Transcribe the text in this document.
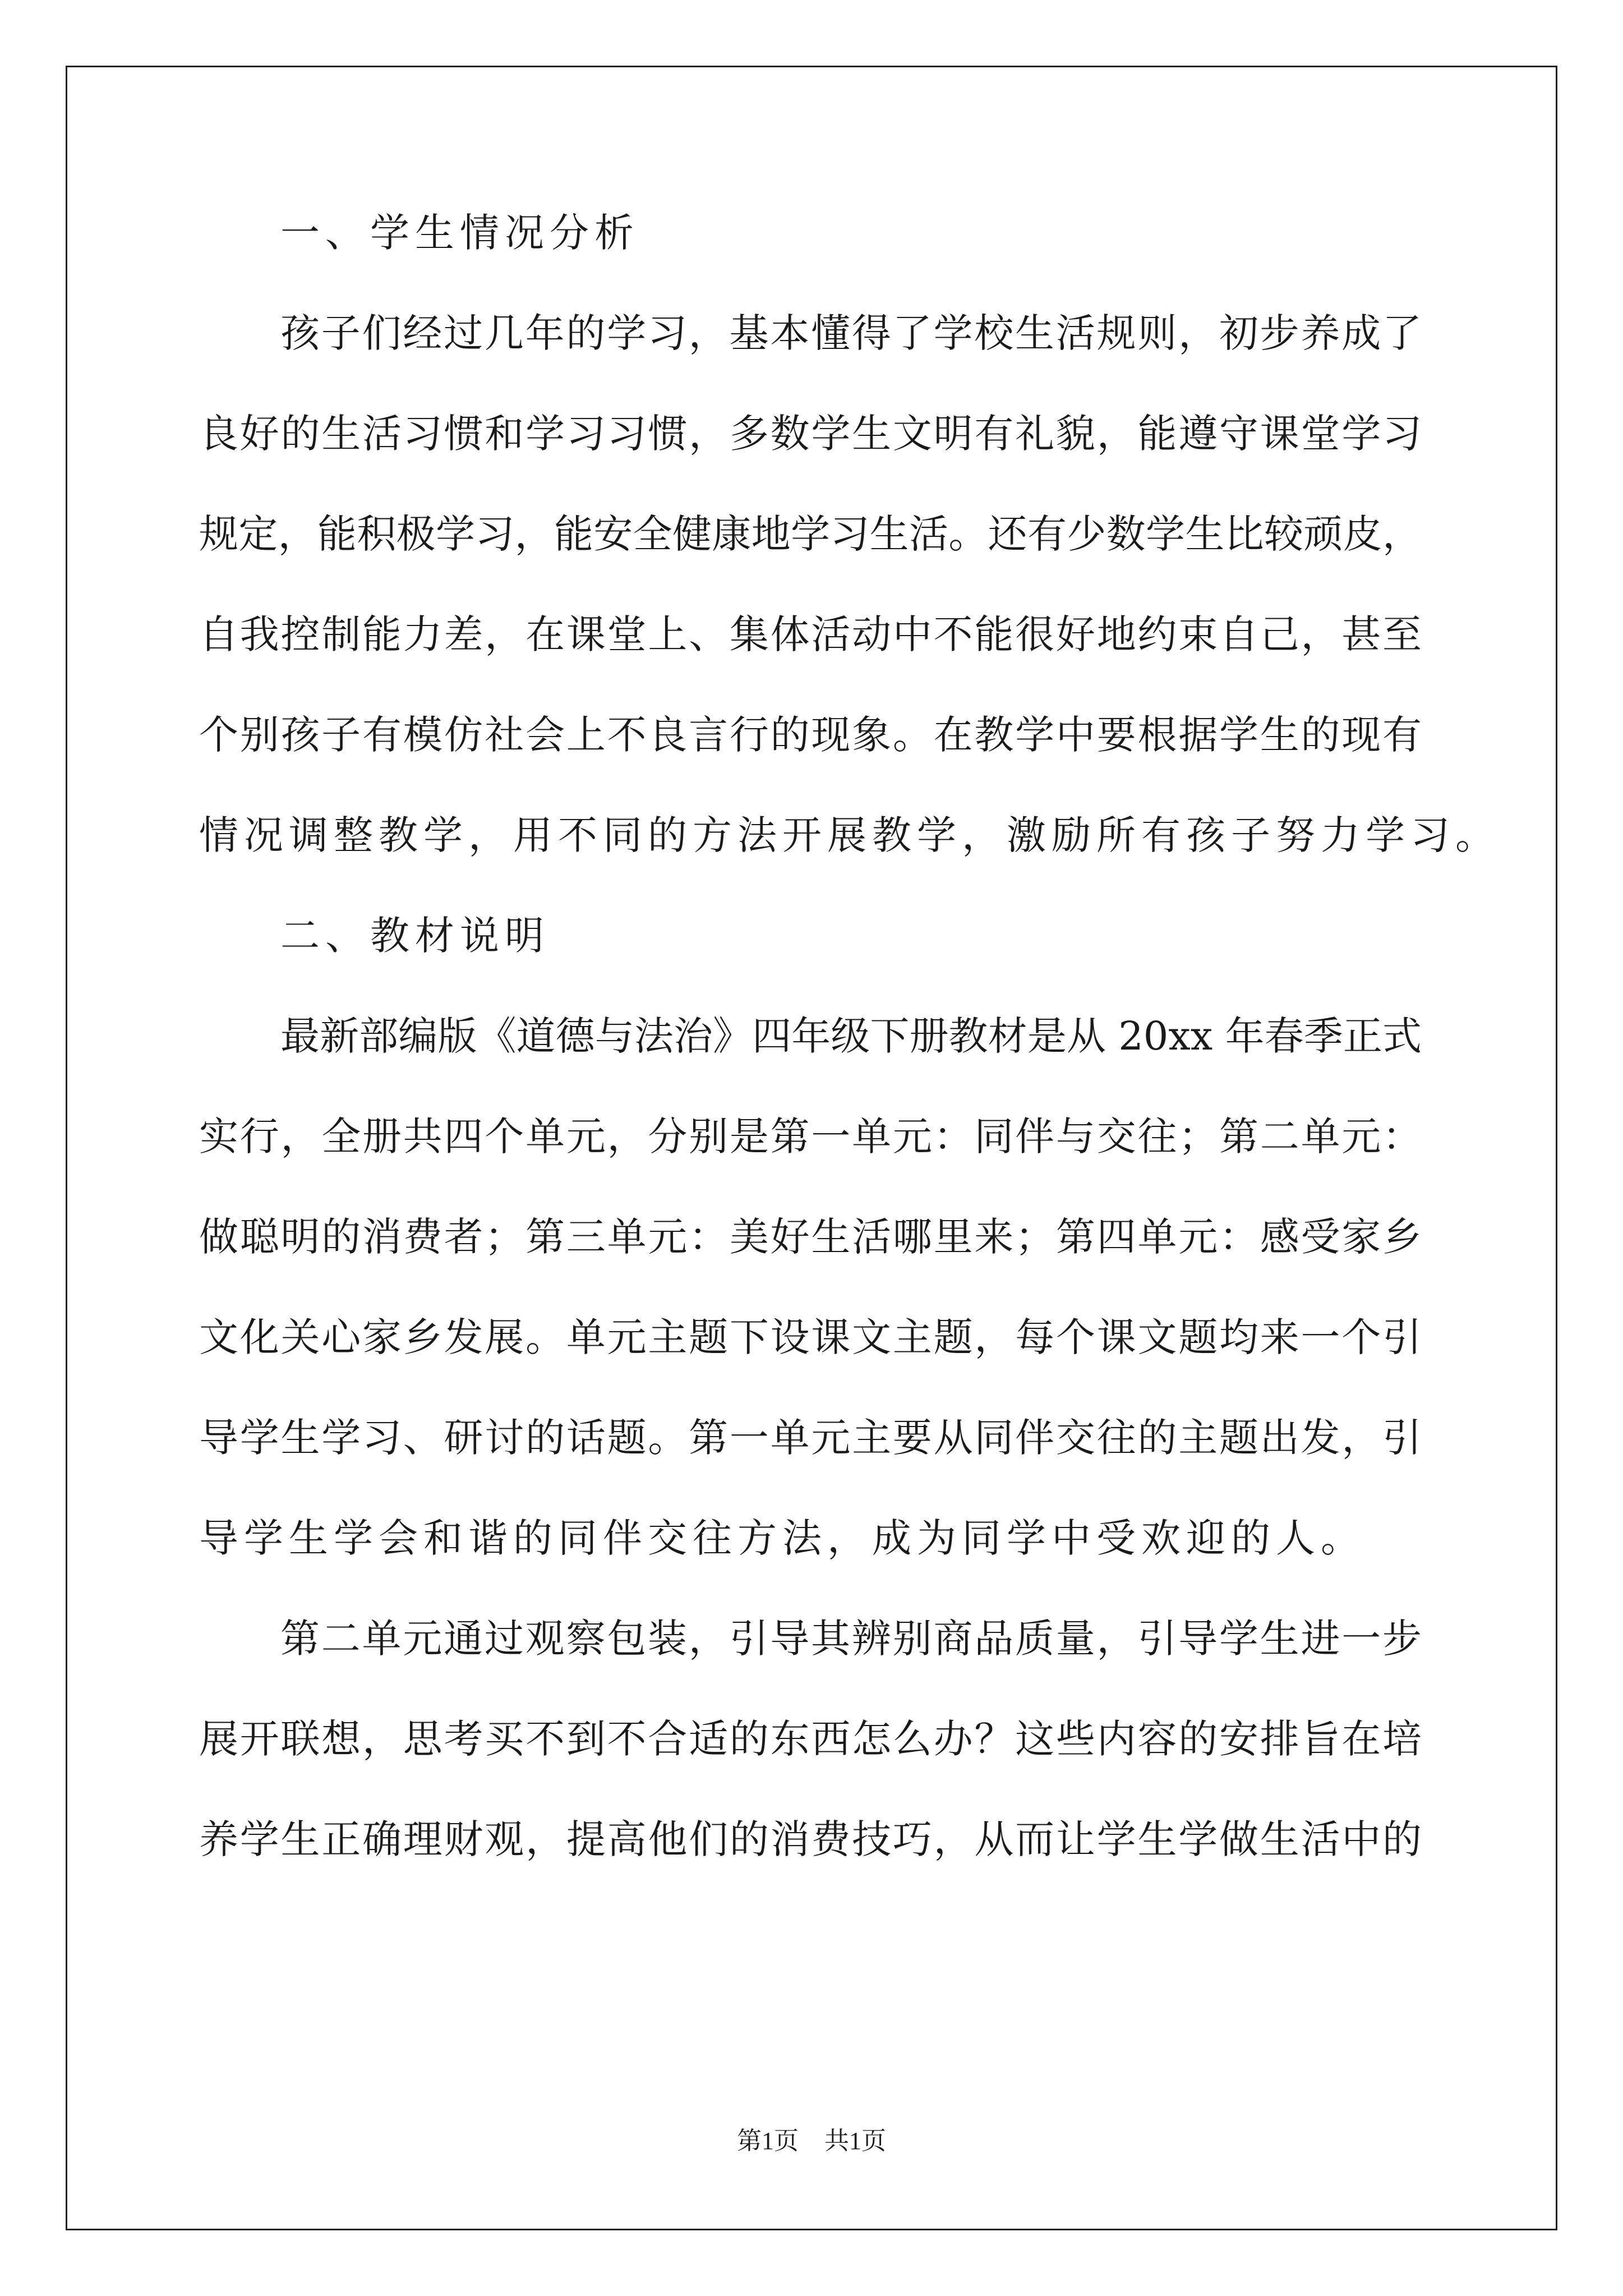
一、学生情况分析
孩子们经过几年的学习，基本懂得了学校生活规则，初步养成了
良好的生活习惯和学习习惯，多数学生文明有礼貌，能遵守课堂学习
规定，能积极学习，能安全健康地学习生活。还有少数学生比较顽皮，
自我控制能力差，在课堂上、集体活动中不能很好地约束自己，甚至
个别孩子有模仿社会上不良言行的现象。在教学中要根据学生的现有
情况调整教学，用不同的方法开展教学，激励所有孩子努力学习。
二、教材说明
最新部编版《道德与法治》四年级下册教材是从 20xx 年春季正式
实行，全册共四个单元，分别是第一单元：同伴与交往；第二单元：
做聪明的消费者；第三单元：美好生活哪里来；第四单元：感受家乡
文化关心家乡发展。单元主题下设课文主题，每个课文题均来一个引
导学生学习、研讨的话题。第一单元主要从同伴交往的主题出发，引
导学生学会和谐的同伴交往方法，成为同学中受欢迎的人。
第二单元通过观察包装，引导其辨别商品质量，引导学生进一步
展开联想，思考买不到不合适的东西怎么办？这些内容的安排旨在培
养学生正确理财观，提高他们的消费技巧，从而让学生学做生活中的
第1页 共1页
